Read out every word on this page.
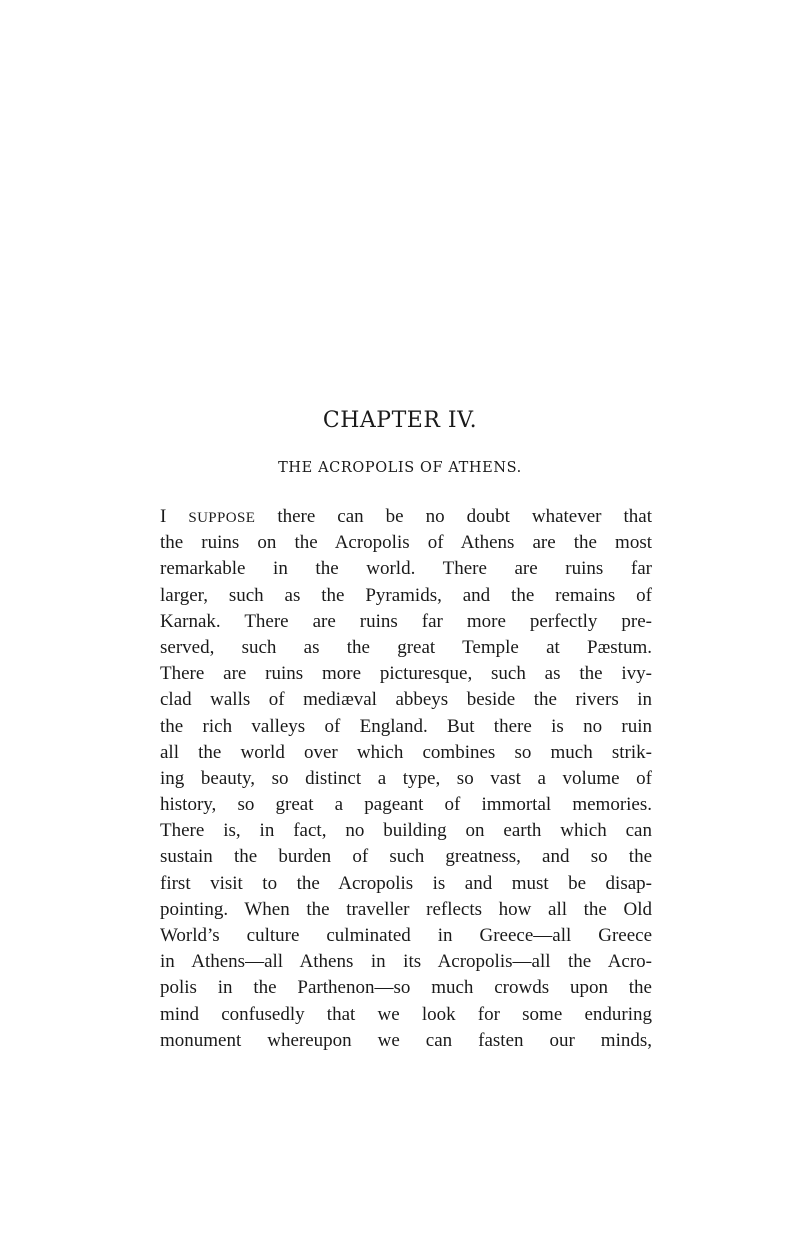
CHAPTER IV.
THE ACROPOLIS OF ATHENS.
I SUPPOSE there can be no doubt whatever that
the ruins on the Acropolis of Athens are the most
remarkable in the world. There are ruins far
larger, such as the Pyramids, and the remains of
Karnak. There are ruins far more perfectly pre-
served, such as the great Temple at Pæstum.
There are ruins more picturesque, such as the ivy-
clad walls of mediæval abbeys beside the rivers in
the rich valleys of England. But there is no ruin
all the world over which combines so much strik-
ing beauty, so distinct a type, so vast a volume of
history, so great a pageant of immortal memories.
There is, in fact, no building on earth which can
sustain the burden of such greatness, and so the
first visit to the Acropolis is and must be disap-
pointing. When the traveller reflects how all the Old
World’s culture culminated in Greece—all Greece
in Athens—all Athens in its Acropolis—all the Acro-
polis in the Parthenon—so much crowds upon the
mind confusedly that we look for some enduring
monument whereupon we can fasten our minds,
